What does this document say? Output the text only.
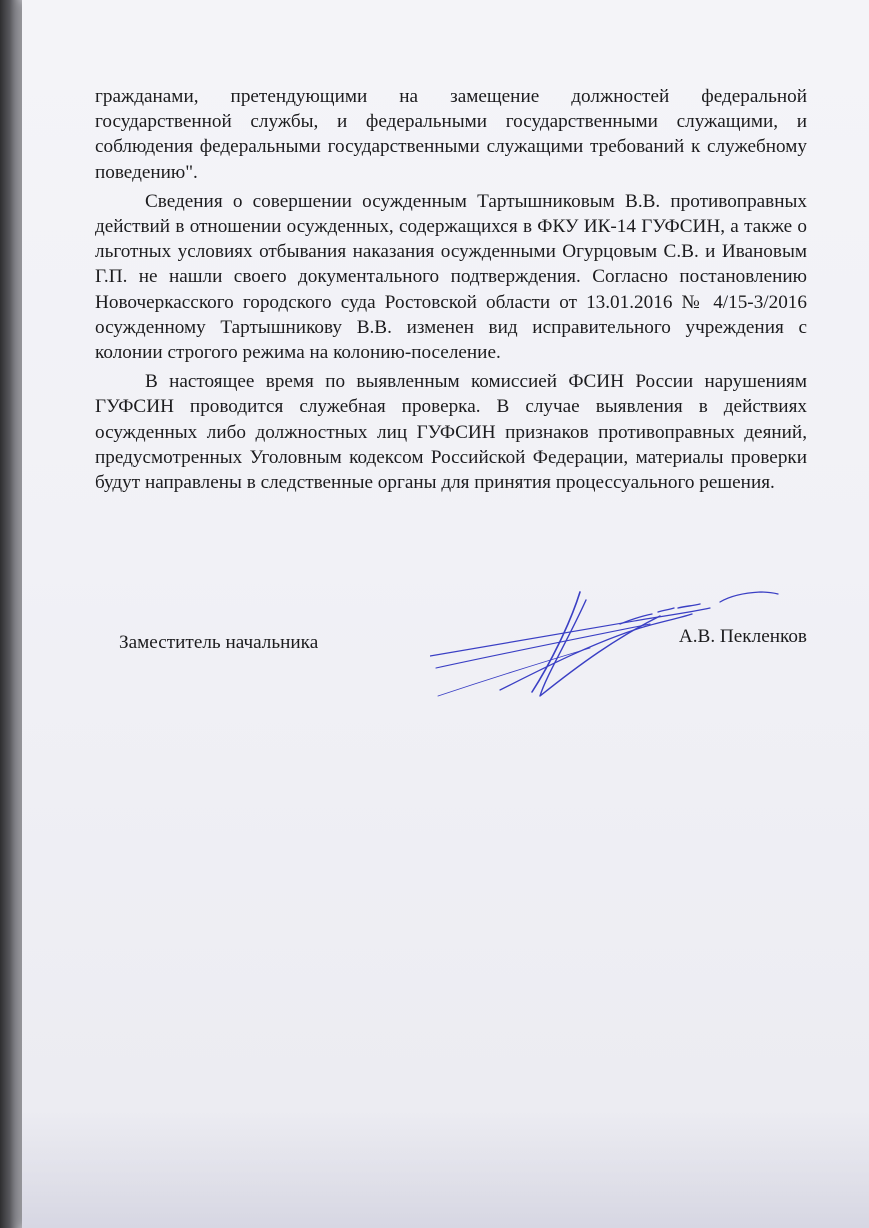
гражданами, претендующими на замещение должностей федеральной государственной службы, и федеральными государственными служащими, и соблюдения федеральными государственными служащими требований к служебному поведению".

Сведения о совершении осужденным Тартышниковым В.В. противоправных действий в отношении осужденных, содержащихся в ФКУ ИК-14 ГУФСИН, а также о льготных условиях отбывания наказания осужденными Огурцовым С.В. и Ивановым Г.П. не нашли своего документального подтверждения. Согласно постановлению Новочеркасского городского суда Ростовской области от 13.01.2016 № 4/15-3/2016 осужденному Тартышникову В.В. изменен вид исправительного учреждения с колонии строгого режима на колонию-поселение.

В настоящее время по выявленным комиссией ФСИН России нарушениям ГУФСИН проводится служебная проверка. В случае выявления в действиях осужденных либо должностных лиц ГУФСИН признаков противоправных деяний, предусмотренных Уголовным кодексом Российской Федерации, материалы проверки будут направлены в следственные органы для принятия процессуального решения.

Заместитель начальника	А.В. Пекленков
